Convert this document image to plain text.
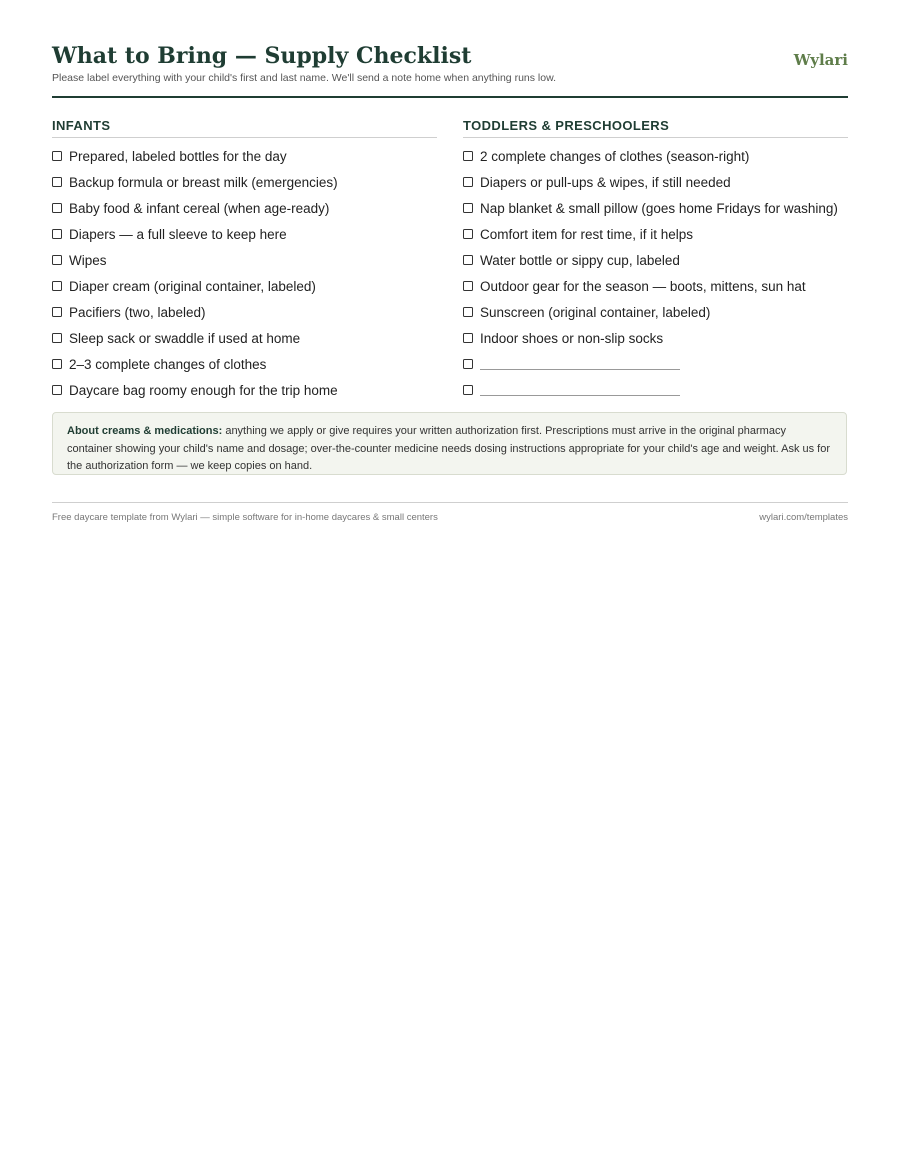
What to Bring — Supply Checklist

Please label everything with your child's first and last name. We'll send a note home when anything runs low.

Wylari
INFANTS
Prepared, labeled bottles for the day
Backup formula or breast milk (emergencies)
Baby food & infant cereal (when age-ready)
Diapers — a full sleeve to keep here
Wipes
Diaper cream (original container, labeled)
Pacifiers (two, labeled)
Sleep sack or swaddle if used at home
2–3 complete changes of clothes
Daycare bag roomy enough for the trip home
TODDLERS & PRESCHOOLERS
2 complete changes of clothes (season-right)
Diapers or pull-ups & wipes, if still needed
Nap blanket & small pillow (goes home Fridays for washing)
Comfort item for rest time, if it helps
Water bottle or sippy cup, labeled
Outdoor gear for the season — boots, mittens, sun hat
Sunscreen (original container, labeled)
Indoor shoes or non-slip socks
About creams & medications: anything we apply or give requires your written authorization first. Prescriptions must arrive in the original pharmacy container showing your child's name and dosage; over-the-counter medicine needs dosing instructions appropriate for your child's age and weight. Ask us for the authorization form — we keep copies on hand.
Free daycare template from Wylari — simple software for in-home daycares & small centers	wylari.com/templates
